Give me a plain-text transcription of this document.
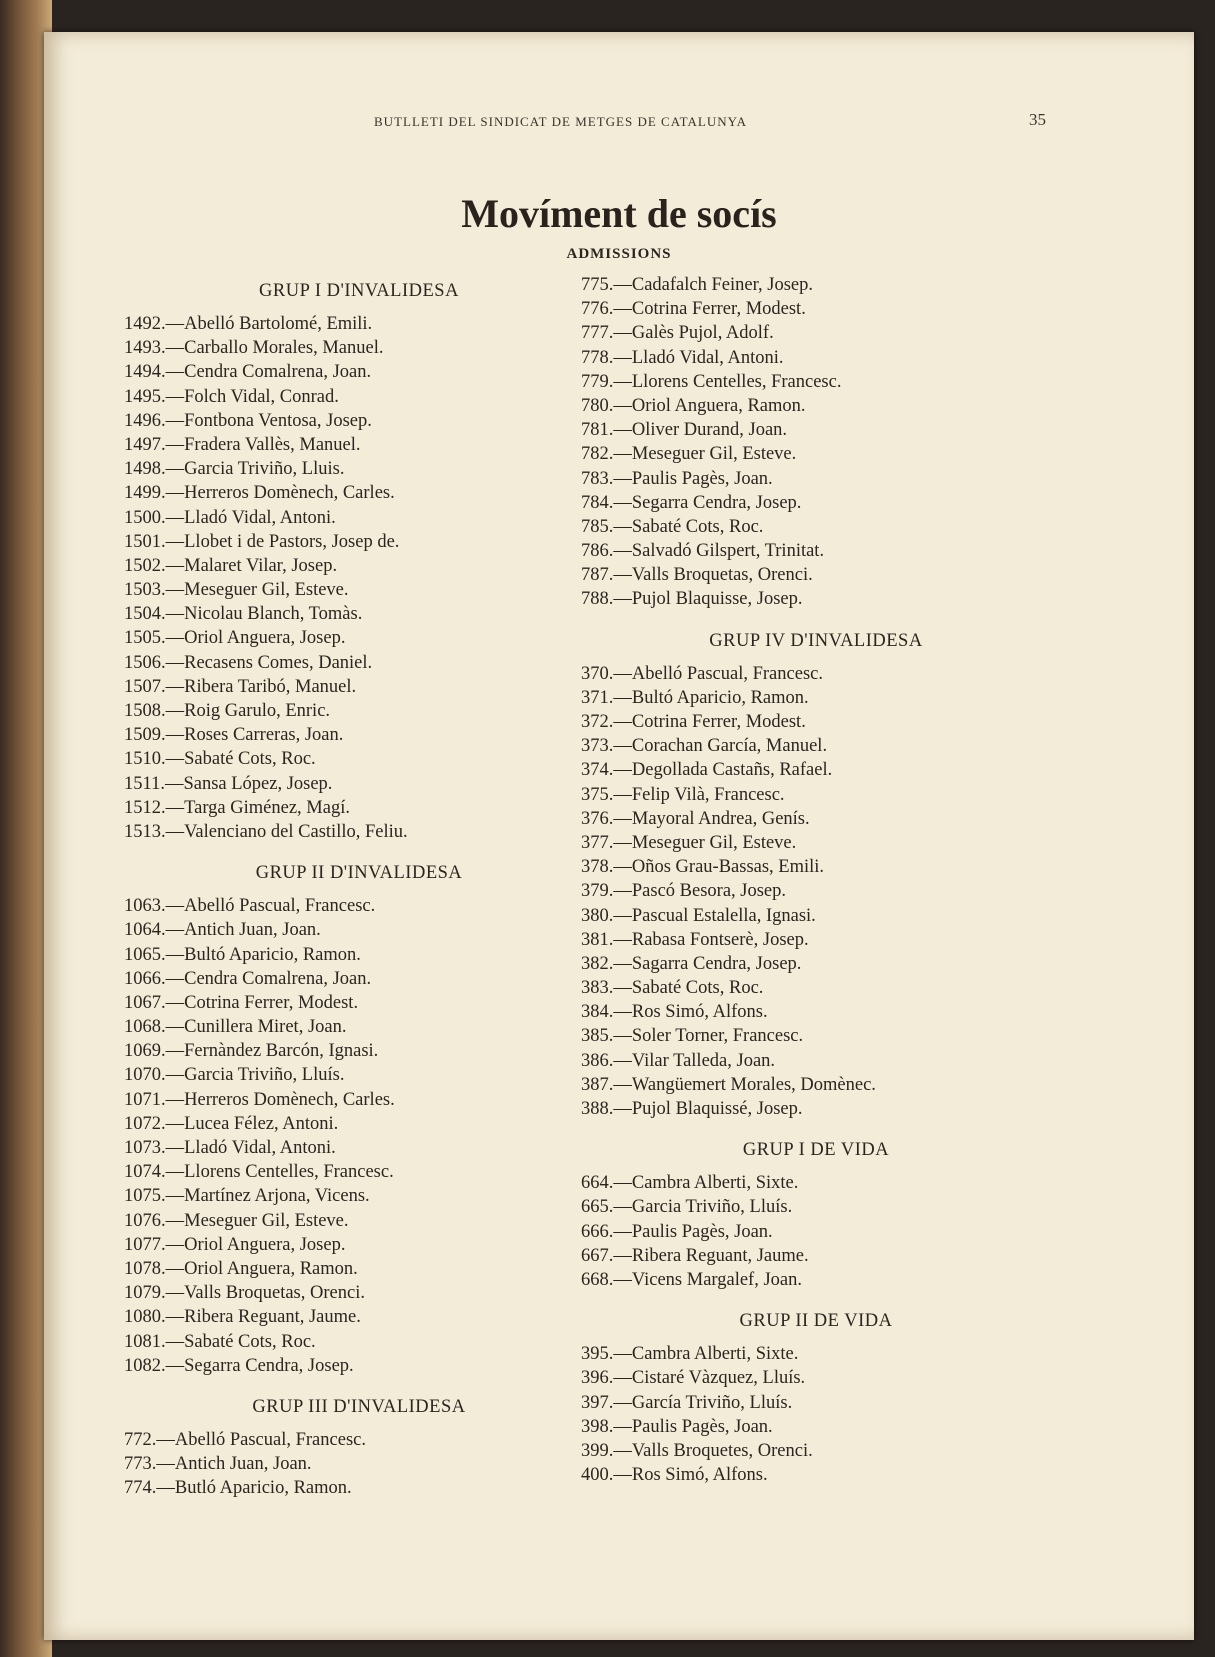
BUTLLETI DEL SINDICAT DE METGES DE CATALUNYA	35
Movíment de socís
ADMISSIONS
GRUP I D'INVALIDESA
1492.—Abelló Bartolomé, Emili.
1493.—Carballo Morales, Manuel.
1494.—Cendra Comalrena, Joan.
1495.—Folch Vidal, Conrad.
1496.—Fontbona Ventosa, Josep.
1497.—Fradera Vallès, Manuel.
1498.—Garcia Triviño, Lluis.
1499.—Herreros Domènech, Carles.
1500.—Lladó Vidal, Antoni.
1501.—Llobet i de Pastors, Josep de.
1502.—Malaret Vilar, Josep.
1503.—Meseguer Gil, Esteve.
1504.—Nicolau Blanch, Tomàs.
1505.—Oriol Anguera, Josep.
1506.—Recasens Comes, Daniel.
1507.—Ribera Taribó, Manuel.
1508.—Roig Garulo, Enric.
1509.—Roses Carreras, Joan.
1510.—Sabaté Cots, Roc.
1511.—Sansa López, Josep.
1512.—Targa Giménez, Magí.
1513.—Valenciano del Castillo, Feliu.
GRUP II D'INVALIDESA
1063.—Abelló Pascual, Francesc.
1064.—Antich Juan, Joan.
1065.—Bultó Aparicio, Ramon.
1066.—Cendra Comalrena, Joan.
1067.—Cotrina Ferrer, Modest.
1068.—Cunillera Miret, Joan.
1069.—Fernàndez Barcón, Ignasi.
1070.—Garcia Triviño, Lluís.
1071.—Herreros Domènech, Carles.
1072.—Lucea Félez, Antoni.
1073.—Lladó Vidal, Antoni.
1074.—Llorens Centelles, Francesc.
1075.—Martínez Arjona, Vicens.
1076.—Meseguer Gil, Esteve.
1077.—Oriol Anguera, Josep.
1078.—Oriol Anguera, Ramon.
1079.—Valls Broquetas, Orenci.
1080.—Ribera Reguant, Jaume.
1081.—Sabaté Cots, Roc.
1082.—Segarra Cendra, Josep.
GRUP III D'INVALIDESA
772.—Abelló Pascual, Francesc.
773.—Antich Juan, Joan.
774.—Butló Aparicio, Ramon.
775.—Cadafalch Feiner, Josep.
776.—Cotrina Ferrer, Modest.
777.—Galès Pujol, Adolf.
778.—Lladó Vidal, Antoni.
779.—Llorens Centelles, Francesc.
780.—Oriol Anguera, Ramon.
781.—Oliver Durand, Joan.
782.—Meseguer Gil, Esteve.
783.—Paulis Pagès, Joan.
784.—Segarra Cendra, Josep.
785.—Sabaté Cots, Roc.
786.—Salvadó Gilspert, Trinitat.
787.—Valls Broquetas, Orenci.
788.—Pujol Blaquisse, Josep.
GRUP IV D'INVALIDESA
370.—Abelló Pascual, Francesc.
371.—Bultó Aparicio, Ramon.
372.—Cotrina Ferrer, Modest.
373.—Corachan García, Manuel.
374.—Degollada Castañs, Rafael.
375.—Felip Vilà, Francesc.
376.—Mayoral Andrea, Genís.
377.—Meseguer Gil, Esteve.
378.—Oños Grau-Bassas, Emili.
379.—Pascó Besora, Josep.
380.—Pascual Estalella, Ignasi.
381.—Rabasa Fontserè, Josep.
382.—Sagarra Cendra, Josep.
383.—Sabaté Cots, Roc.
384.—Ros Simó, Alfons.
385.—Soler Torner, Francesc.
386.—Vilar Talleda, Joan.
387.—Wangüemert Morales, Domènec.
388.—Pujol Blaquissé, Josep.
GRUP I DE VIDA
664.—Cambra Alberti, Sixte.
665.—Garcia Triviño, Lluís.
666.—Paulis Pagès, Joan.
667.—Ribera Reguant, Jaume.
668.—Vicens Margalef, Joan.
GRUP II DE VIDA
395.—Cambra Alberti, Sixte.
396.—Cistaré Vàzquez, Lluís.
397.—García Triviño, Lluís.
398.—Paulis Pagès, Joan.
399.—Valls Broquetes, Orenci.
400.—Ros Simó, Alfons.
